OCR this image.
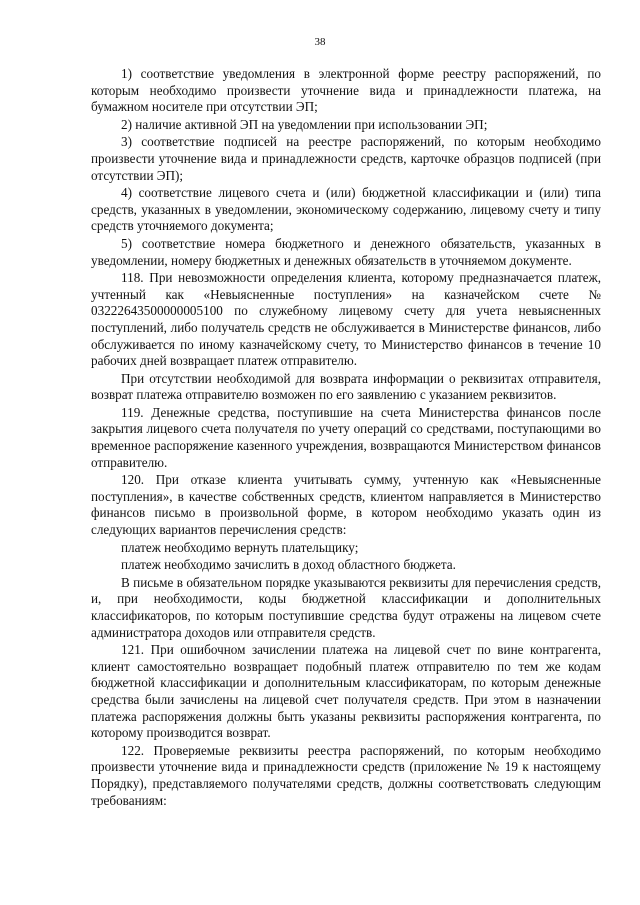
38

1) соответствие уведомления в электронной форме реестру распоряжений, по которым необходимо произвести уточнение вида и принадлежности платежа, на бумажном носителе при отсутствии ЭП;

2) наличие активной ЭП на уведомлении при использовании ЭП;

3) соответствие подписей на реестре распоряжений, по которым необходимо произвести уточнение вида и принадлежности средств, карточке образцов подписей (при отсутствии ЭП);

4) соответствие лицевого счета и (или) бюджетной классификации и (или) типа средств, указанных в уведомлении, экономическому содержанию, лицевому счету и типу средств уточняемого документа;

5) соответствие номера бюджетного и денежного обязательств, указанных в уведомлении, номеру бюджетных и денежных обязательств в уточняемом документе.

118. При невозможности определения клиента, которому предназначается платеж, учтенный как «Невыясненные поступления» на казначейском счете № 03222643500000005100 по служебному лицевому счету для учета невыясненных поступлений, либо получатель средств не обслуживается в Министерстве финансов, либо обслуживается по иному казначейскому счету, то Министерство финансов в течение 10 рабочих дней возвращает платеж отправителю.

При отсутствии необходимой для возврата информации о реквизитах отправителя, возврат платежа отправителю возможен по его заявлению с указанием реквизитов.

119. Денежные средства, поступившие на счета Министерства финансов после закрытия лицевого счета получателя по учету операций со средствами, поступающими во временное распоряжение казенного учреждения, возвращаются Министерством финансов отправителю.

120. При отказе клиента учитывать сумму, учтенную как «Невыясненные поступления», в качестве собственных средств, клиентом направляется в Министерство финансов письмо в произвольной форме, в котором необходимо указать один из следующих вариантов перечисления средств:

платеж необходимо вернуть плательщику;

платеж необходимо зачислить в доход областного бюджета.

В письме в обязательном порядке указываются реквизиты для перечисления средств, и, при необходимости, коды бюджетной классификации и дополнительных классификаторов, по которым поступившие средства будут отражены на лицевом счете администратора доходов или отправителя средств.

121. При ошибочном зачислении платежа на лицевой счет по вине контрагента, клиент самостоятельно возвращает подобный платеж отправителю по тем же кодам бюджетной классификации и дополнительным классификаторам, по которым денежные средства были зачислены на лицевой счет получателя средств. При этом в назначении платежа распоряжения должны быть указаны реквизиты распоряжения контрагента, по которому производится возврат.

122. Проверяемые реквизиты реестра распоряжений, по которым необходимо произвести уточнение вида и принадлежности средств (приложение № 19 к настоящему Порядку), представляемого получателями средств, должны соответствовать следующим требованиям:
